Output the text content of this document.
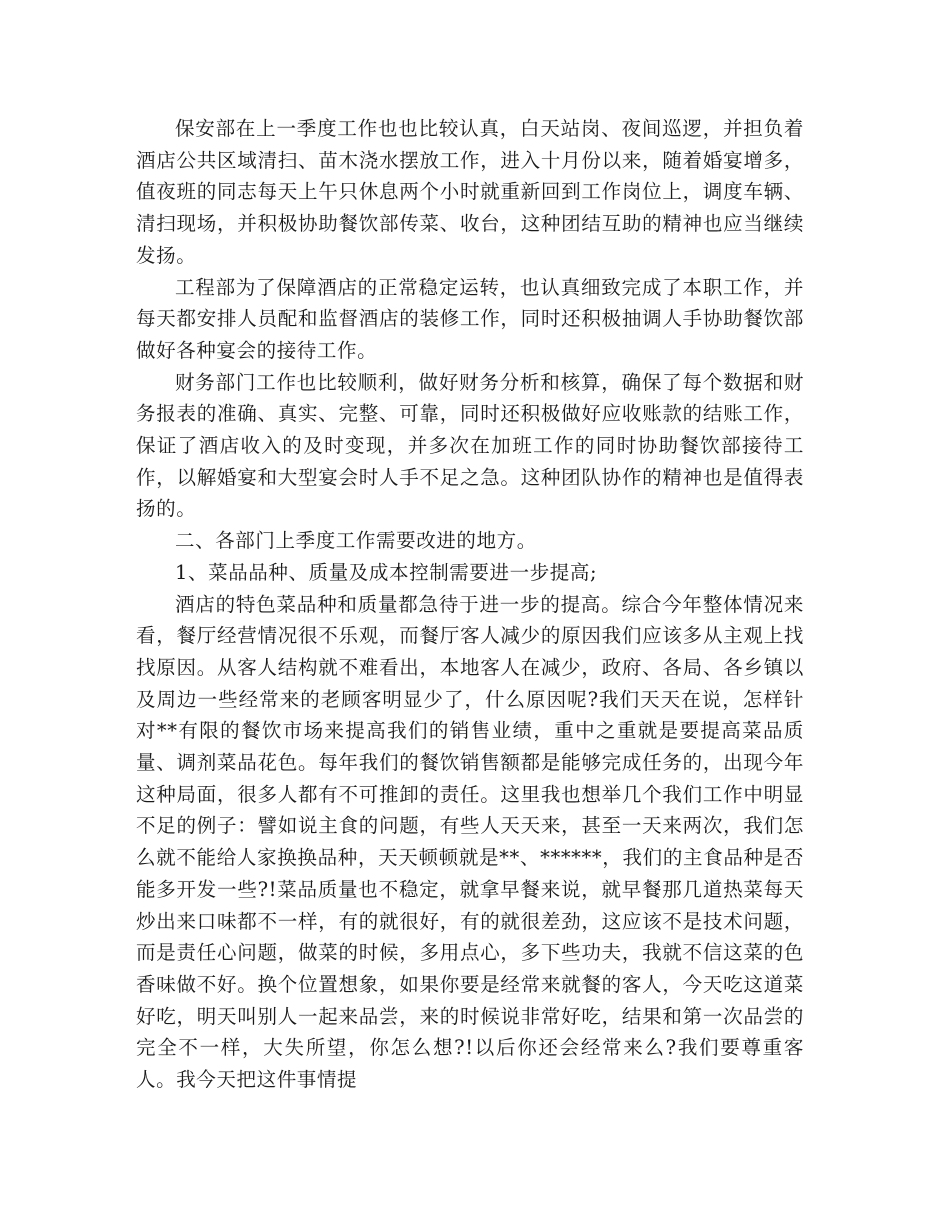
保安部在上一季度工作也也比较认真，白天站岗、夜间巡逻，并担负着酒店公共区域清扫、苗木浇水摆放工作，进入十月份以来，随着婚宴增多，值夜班的同志每天上午只休息两个小时就重新回到工作岗位上，调度车辆、清扫现场，并积极协助餐饮部传菜、收台，这种团结互助的精神也应当继续发扬。

工程部为了保障酒店的正常稳定运转，也认真细致完成了本职工作，并每天都安排人员配和监督酒店的装修工作，同时还积极抽调人手协助餐饮部做好各种宴会的接待工作。

财务部门工作也比较顺利，做好财务分析和核算，确保了每个数据和财务报表的准确、真实、完整、可靠，同时还积极做好应收账款的结账工作，保证了酒店收入的及时变现，并多次在加班工作的同时协助餐饮部接待工作，以解婚宴和大型宴会时人手不足之急。这种团队协作的精神也是值得表扬的。

二、各部门上季度工作需要改进的地方。

1、菜品品种、质量及成本控制需要进一步提高;

酒店的特色菜品种和质量都急待于进一步的提高。综合今年整体情况来看，餐厅经营情况很不乐观，而餐厅客人减少的原因我们应该多从主观上找找原因。从客人结构就不难看出，本地客人在减少，政府、各局、各乡镇以及周边一些经常来的老顾客明显少了，什么原因呢?我们天天在说，怎样针对**有限的餐饮市场来提高我们的销售业绩，重中之重就是要提高菜品质量、调剂菜品花色。每年我们的餐饮销售额都是能够完成任务的，出现今年这种局面，很多人都有不可推卸的责任。这里我也想举几个我们工作中明显不足的例子：譬如说主食的问题，有些人天天来，甚至一天来两次，我们怎么就不能给人家换换品种，天天顿顿就是**、******，我们的主食品种是否能多开发一些?!菜品质量也不稳定，就拿早餐来说，就早餐那几道热菜每天炒出来口味都不一样，有的就很好，有的就很差劲，这应该不是技术问题，而是责任心问题，做菜的时候，多用点心，多下些功夫，我就不信这菜的色香味做不好。换个位置想象，如果你要是经常来就餐的客人，今天吃这道菜好吃，明天叫别人一起来品尝，来的时候说非常好吃，结果和第一次品尝的完全不一样，大失所望，你怎么想?!以后你还会经常来么?我们要尊重客人。我今天把这件事情提
